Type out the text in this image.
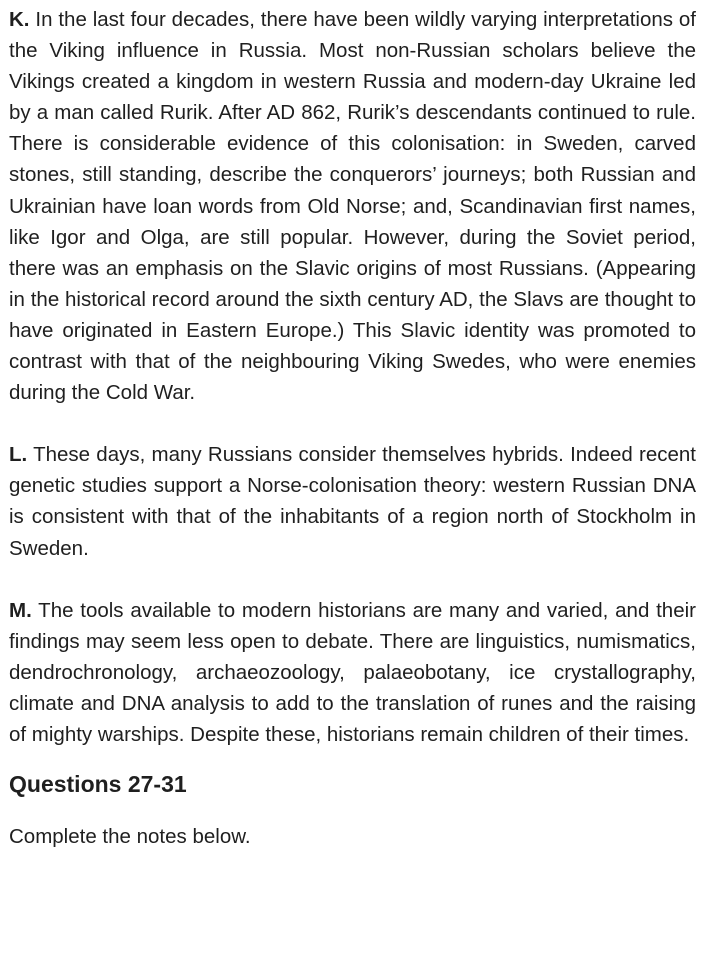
K. In the last four decades, there have been wildly varying interpretations of the Viking influence in Russia. Most non-Russian scholars believe the Vikings created a kingdom in western Russia and modern-day Ukraine led by a man called Rurik. After AD 862, Rurik’s descendants continued to rule. There is considerable evidence of this colonisation: in Sweden, carved stones, still standing, describe the conquerors’ journeys; both Russian and Ukrainian have loan words from Old Norse; and, Scandinavian first names, like Igor and Olga, are still popular. However, during the Soviet period, there was an emphasis on the Slavic origins of most Russians. (Appearing in the historical record around the sixth century AD, the Slavs are thought to have originated in Eastern Europe.) This Slavic identity was promoted to contrast with that of the neighbouring Viking Swedes, who were enemies during the Cold War.

L. These days, many Russians consider themselves hybrids. Indeed recent genetic studies support a Norse-colonisation theory: western Russian DNA is consistent with that of the inhabitants of a region north of Stockholm in Sweden.

M. The tools available to modern historians are many and varied, and their findings may seem less open to debate. There are linguistics, numismatics, dendrochronology, archaeozoology, palaeobotany, ice crystallography, climate and DNA analysis to add to the translation of runes and the raising of mighty warships. Despite these, historians remain children of their times.

Questions 27-31

Complete the notes below.
